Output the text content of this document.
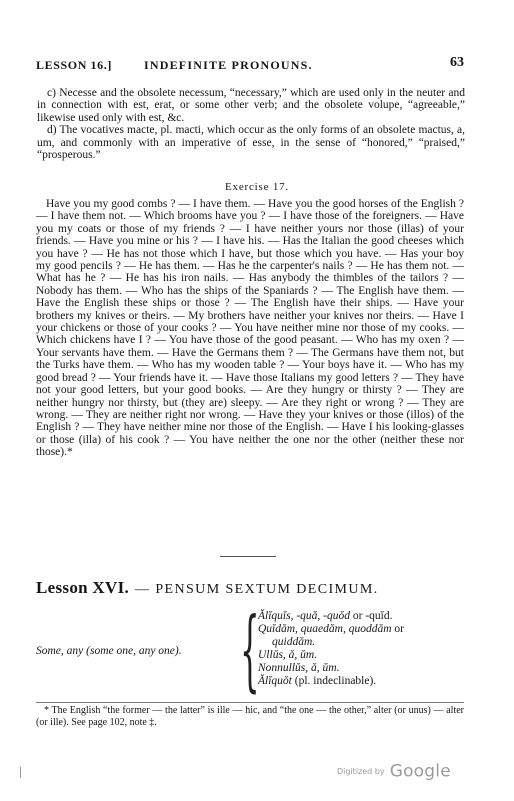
LESSON 16.]	INDEFINITE PRONOUNS.	63

c) Necesse and the obsolete necessum, “necessary,” which are used only in the neuter and in connection with est, erat, or some other verb; and the obsolete volupe, “agreeable,” likewise used only with est, &c.

d) The vocatives macte, pl. macti, which occur as the only forms of an obsolete mactus, a, um, and commonly with an imperative of esse, in the sense of “honored,” “praised,” “prosperous.”

Exercise 17.

Have you my good combs ? — I have them. — Have you the good horses of the English ? — I have them not. — Which brooms have you ? — I have those of the foreigners. — Have you my coats or those of my friends ? — I have neither yours nor those (illas) of your friends. — Have you mine or his ? — I have his. — Has the Italian the good cheeses which you have ? — He has not those which I have, but those which you have. — Has your boy my good pencils ? — He has them. — Has he the carpenter's nails ? — He has them not. — What has he ? — He has his iron nails. — Has anybody the thimbles of the tailors ? — Nobody has them. — Who has the ships of the Spaniards ? — The English have them. — Have the English these ships or those ? — The English have their ships. — Have your brothers my knives or theirs. — My brothers have neither your knives nor theirs. — Have I your chickens or those of your cooks ? — You have neither mine nor those of my cooks. — Which chickens have I ? — You have those of the good peasant. — Who has my oxen ? — Your servants have them. — Have the Germans them ? — The Germans have them not, but the Turks have them. — Who has my wooden table ? — Your boys have it. — Who has my good bread ? — Your friends have it. — Have those Italians my good letters ? — They have not your good letters, but your good books. — Are they hungry or thirsty ? — They are neither hungry nor thirsty, but (they are) sleepy. — Are they right or wrong ? — They are wrong. — They are neither right nor wrong. — Have they your knives or those (illos) of the English ? — They have neither mine nor those of the English. — Have I his looking-glasses or those (illa) of his cook ? — You have neither the one nor the other (neither these nor those).*

Lesson XVI. — PENSUM SEXTUM DECIMUM.
Some, any (some one, any one). {
Ălĭquĭs, -quă, -quŏd or -quĭd.
Quĭdăm, quaedăm, quoddăm or
quiddăm.
Ullŭs, ă, ŭm.
Nonnullŭs, ă, ŭm.
Ălĭquŏt (pl. indeclinable).

* The English “the former — the latter” is ille — hic, and “the one — the other,” alter (or unus) — alter (or ille). See page 102, note ‡.

Digitized by Google
